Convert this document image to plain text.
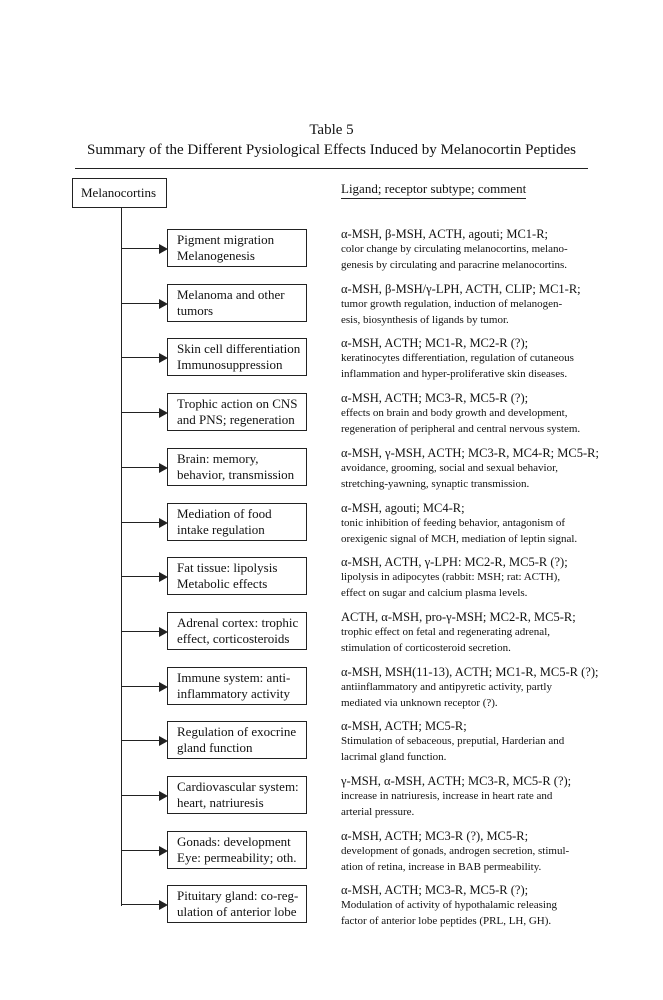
Table 5
Summary of the Different Pysiological Effects Induced by Melanocortin Peptides
Melanocortins	Ligand; receptor subtype; comment
Pigment migration
Melanogenesis
α-MSH, β-MSH, ACTH, agouti; MC1-R;
color change by circulating melanocortins, melano-
genesis by circulating and paracrine melanocortins.
Melanoma and other
tumors
α-MSH, β-MSH/γ-LPH, ACTH, CLIP; MC1-R;
tumor growth regulation, induction of melanogen-
esis, biosynthesis of ligands by tumor.
Skin cell differentiation
Immunosuppression
α-MSH, ACTH; MC1-R, MC2-R (?);
keratinocytes differentiation, regulation of cutaneous
inflammation and hyper-proliferative skin diseases.
Trophic action on CNS
and PNS; regeneration
α-MSH, ACTH; MC3-R, MC5-R (?);
effects on brain and body growth and development,
regeneration of peripheral and central nervous system.
Brain: memory,
behavior, transmission
α-MSH, γ-MSH, ACTH; MC3-R, MC4-R; MC5-R;
avoidance, grooming, social and sexual behavior,
stretching-yawning, synaptic transmission.
Mediation of food
intake regulation
α-MSH, agouti; MC4-R;
tonic inhibition of feeding behavior, antagonism of
orexigenic signal of MCH, mediation of leptin signal.
Fat tissue: lipolysis
Metabolic effects
α-MSH, ACTH, γ-LPH: MC2-R, MC5-R (?);
lipolysis in adipocytes (rabbit: MSH; rat: ACTH),
effect on sugar and calcium plasma levels.
Adrenal cortex: trophic
effect, corticosteroids
ACTH, α-MSH, pro-γ-MSH; MC2-R, MC5-R;
trophic effect on fetal and regenerating adrenal,
stimulation of corticosteroid secretion.
Immune system: anti-
inflammatory activity
α-MSH, MSH(11-13), ACTH; MC1-R, MC5-R (?);
antiinflammatory and antipyretic activity, partly
mediated via unknown receptor (?).
Regulation of exocrine
gland function
α-MSH, ACTH; MC5-R;
Stimulation of sebaceous, preputial, Harderian and
lacrimal gland function.
Cardiovascular system:
heart, natriuresis
γ-MSH, α-MSH, ACTH; MC3-R, MC5-R (?);
increase in natriuresis, increase in heart rate and
arterial pressure.
Gonads: development
Eye: permeability; oth.
α-MSH, ACTH; MC3-R (?), MC5-R;
development of gonads, androgen secretion, stimul-
ation of retina, increase in BAB permeability.
Pituitary gland: co-reg-
ulation of anterior lobe
α-MSH, ACTH; MC3-R, MC5-R (?);
Modulation of activity of hypothalamic releasing
factor of anterior lobe peptides (PRL, LH, GH).
